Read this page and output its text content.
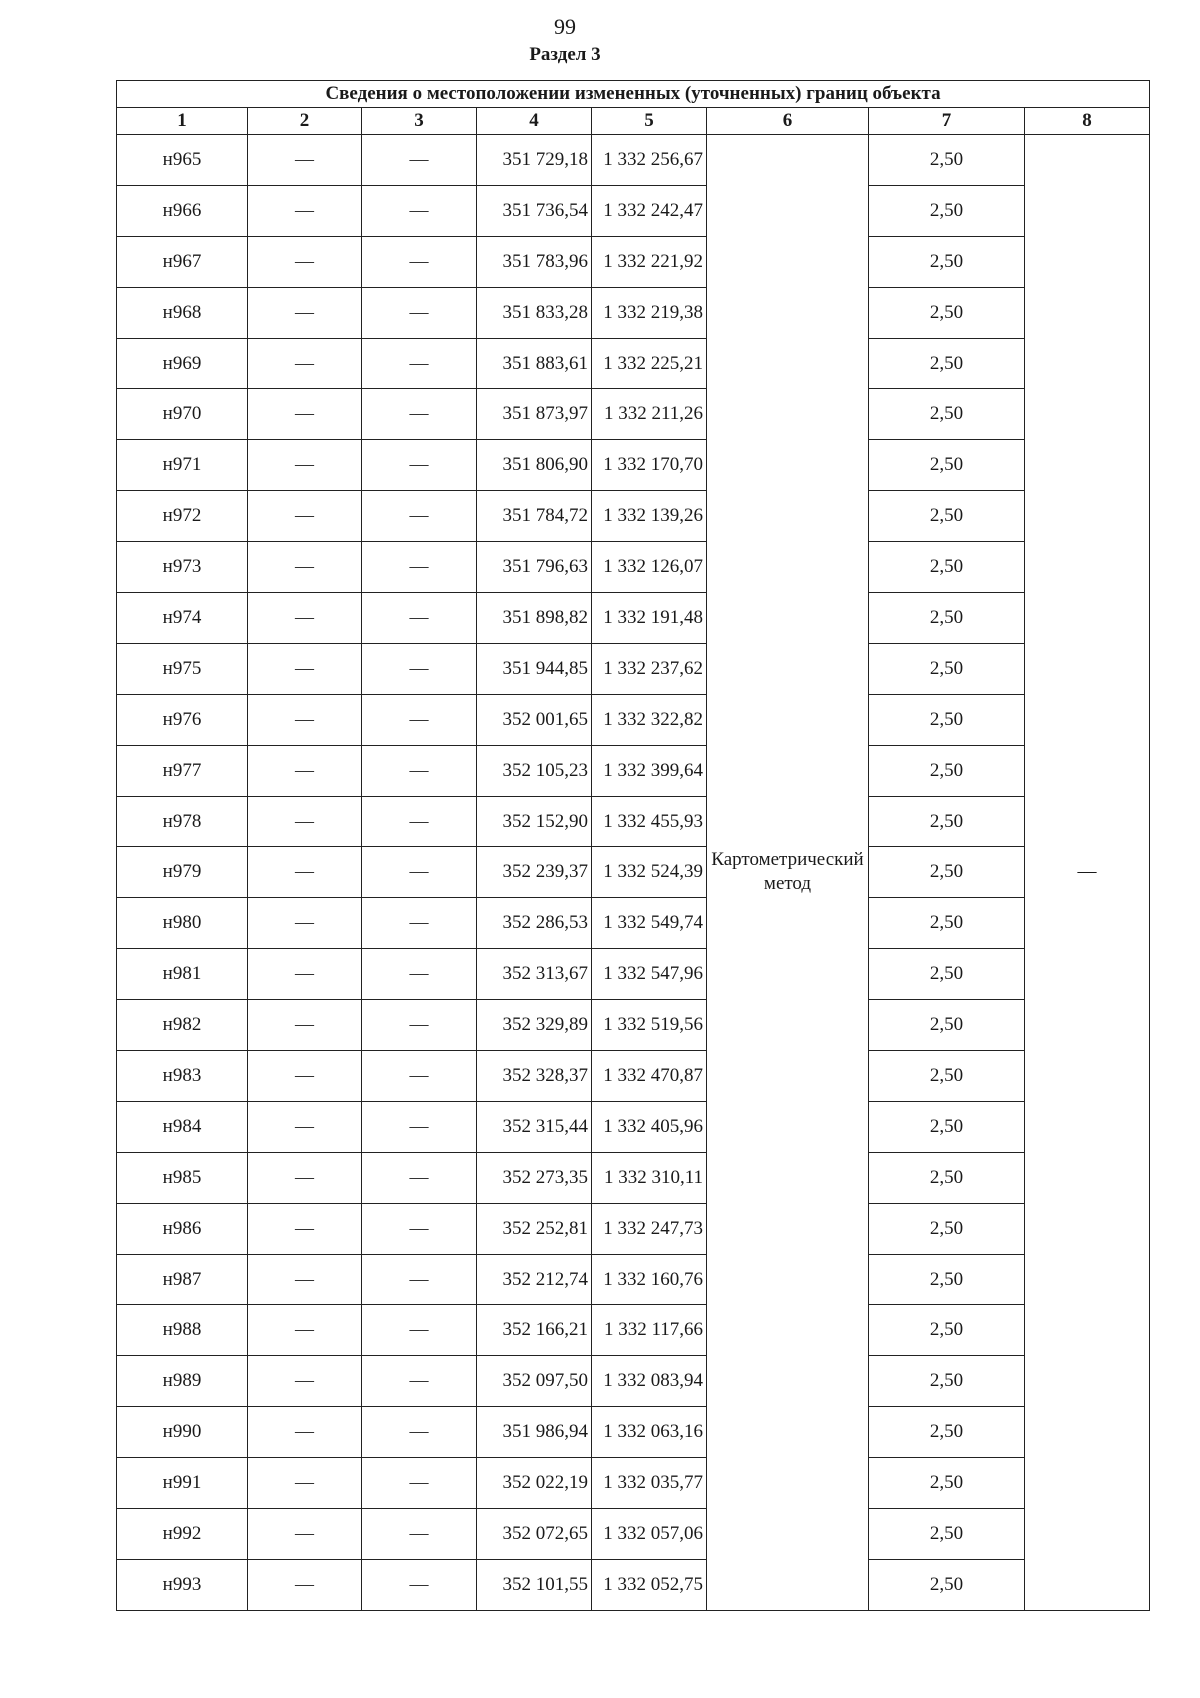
99
Раздел 3
Сведения о местоположении измененных (уточненных) границ объекта							
1	2	3	4	5	6	7	8
н965	—	—	351 729,18	1 332 256,67	Картометрический метод	2,50	—
н966	—	—	351 736,54	1 332 242,47		2,50	
н967	—	—	351 783,96	1 332 221,92		2,50	
н968	—	—	351 833,28	1 332 219,38		2,50	
н969	—	—	351 883,61	1 332 225,21		2,50	
н970	—	—	351 873,97	1 332 211,26		2,50	
н971	—	—	351 806,90	1 332 170,70		2,50	
н972	—	—	351 784,72	1 332 139,26		2,50	
н973	—	—	351 796,63	1 332 126,07		2,50	
н974	—	—	351 898,82	1 332 191,48		2,50	
н975	—	—	351 944,85	1 332 237,62		2,50	
н976	—	—	352 001,65	1 332 322,82		2,50	
н977	—	—	352 105,23	1 332 399,64		2,50	
н978	—	—	352 152,90	1 332 455,93		2,50	
н979	—	—	352 239,37	1 332 524,39		2,50	
н980	—	—	352 286,53	1 332 549,74		2,50	
н981	—	—	352 313,67	1 332 547,96		2,50	
н982	—	—	352 329,89	1 332 519,56		2,50	
н983	—	—	352 328,37	1 332 470,87		2,50	
н984	—	—	352 315,44	1 332 405,96		2,50	
н985	—	—	352 273,35	1 332 310,11		2,50	
н986	—	—	352 252,81	1 332 247,73		2,50	
н987	—	—	352 212,74	1 332 160,76		2,50	
н988	—	—	352 166,21	1 332 117,66		2,50	
н989	—	—	352 097,50	1 332 083,94		2,50	
н990	—	—	351 986,94	1 332 063,16		2,50	
н991	—	—	352 022,19	1 332 035,77		2,50	
н992	—	—	352 072,65	1 332 057,06		2,50	
н993	—	—	352 101,55	1 332 052,75		2,50	
